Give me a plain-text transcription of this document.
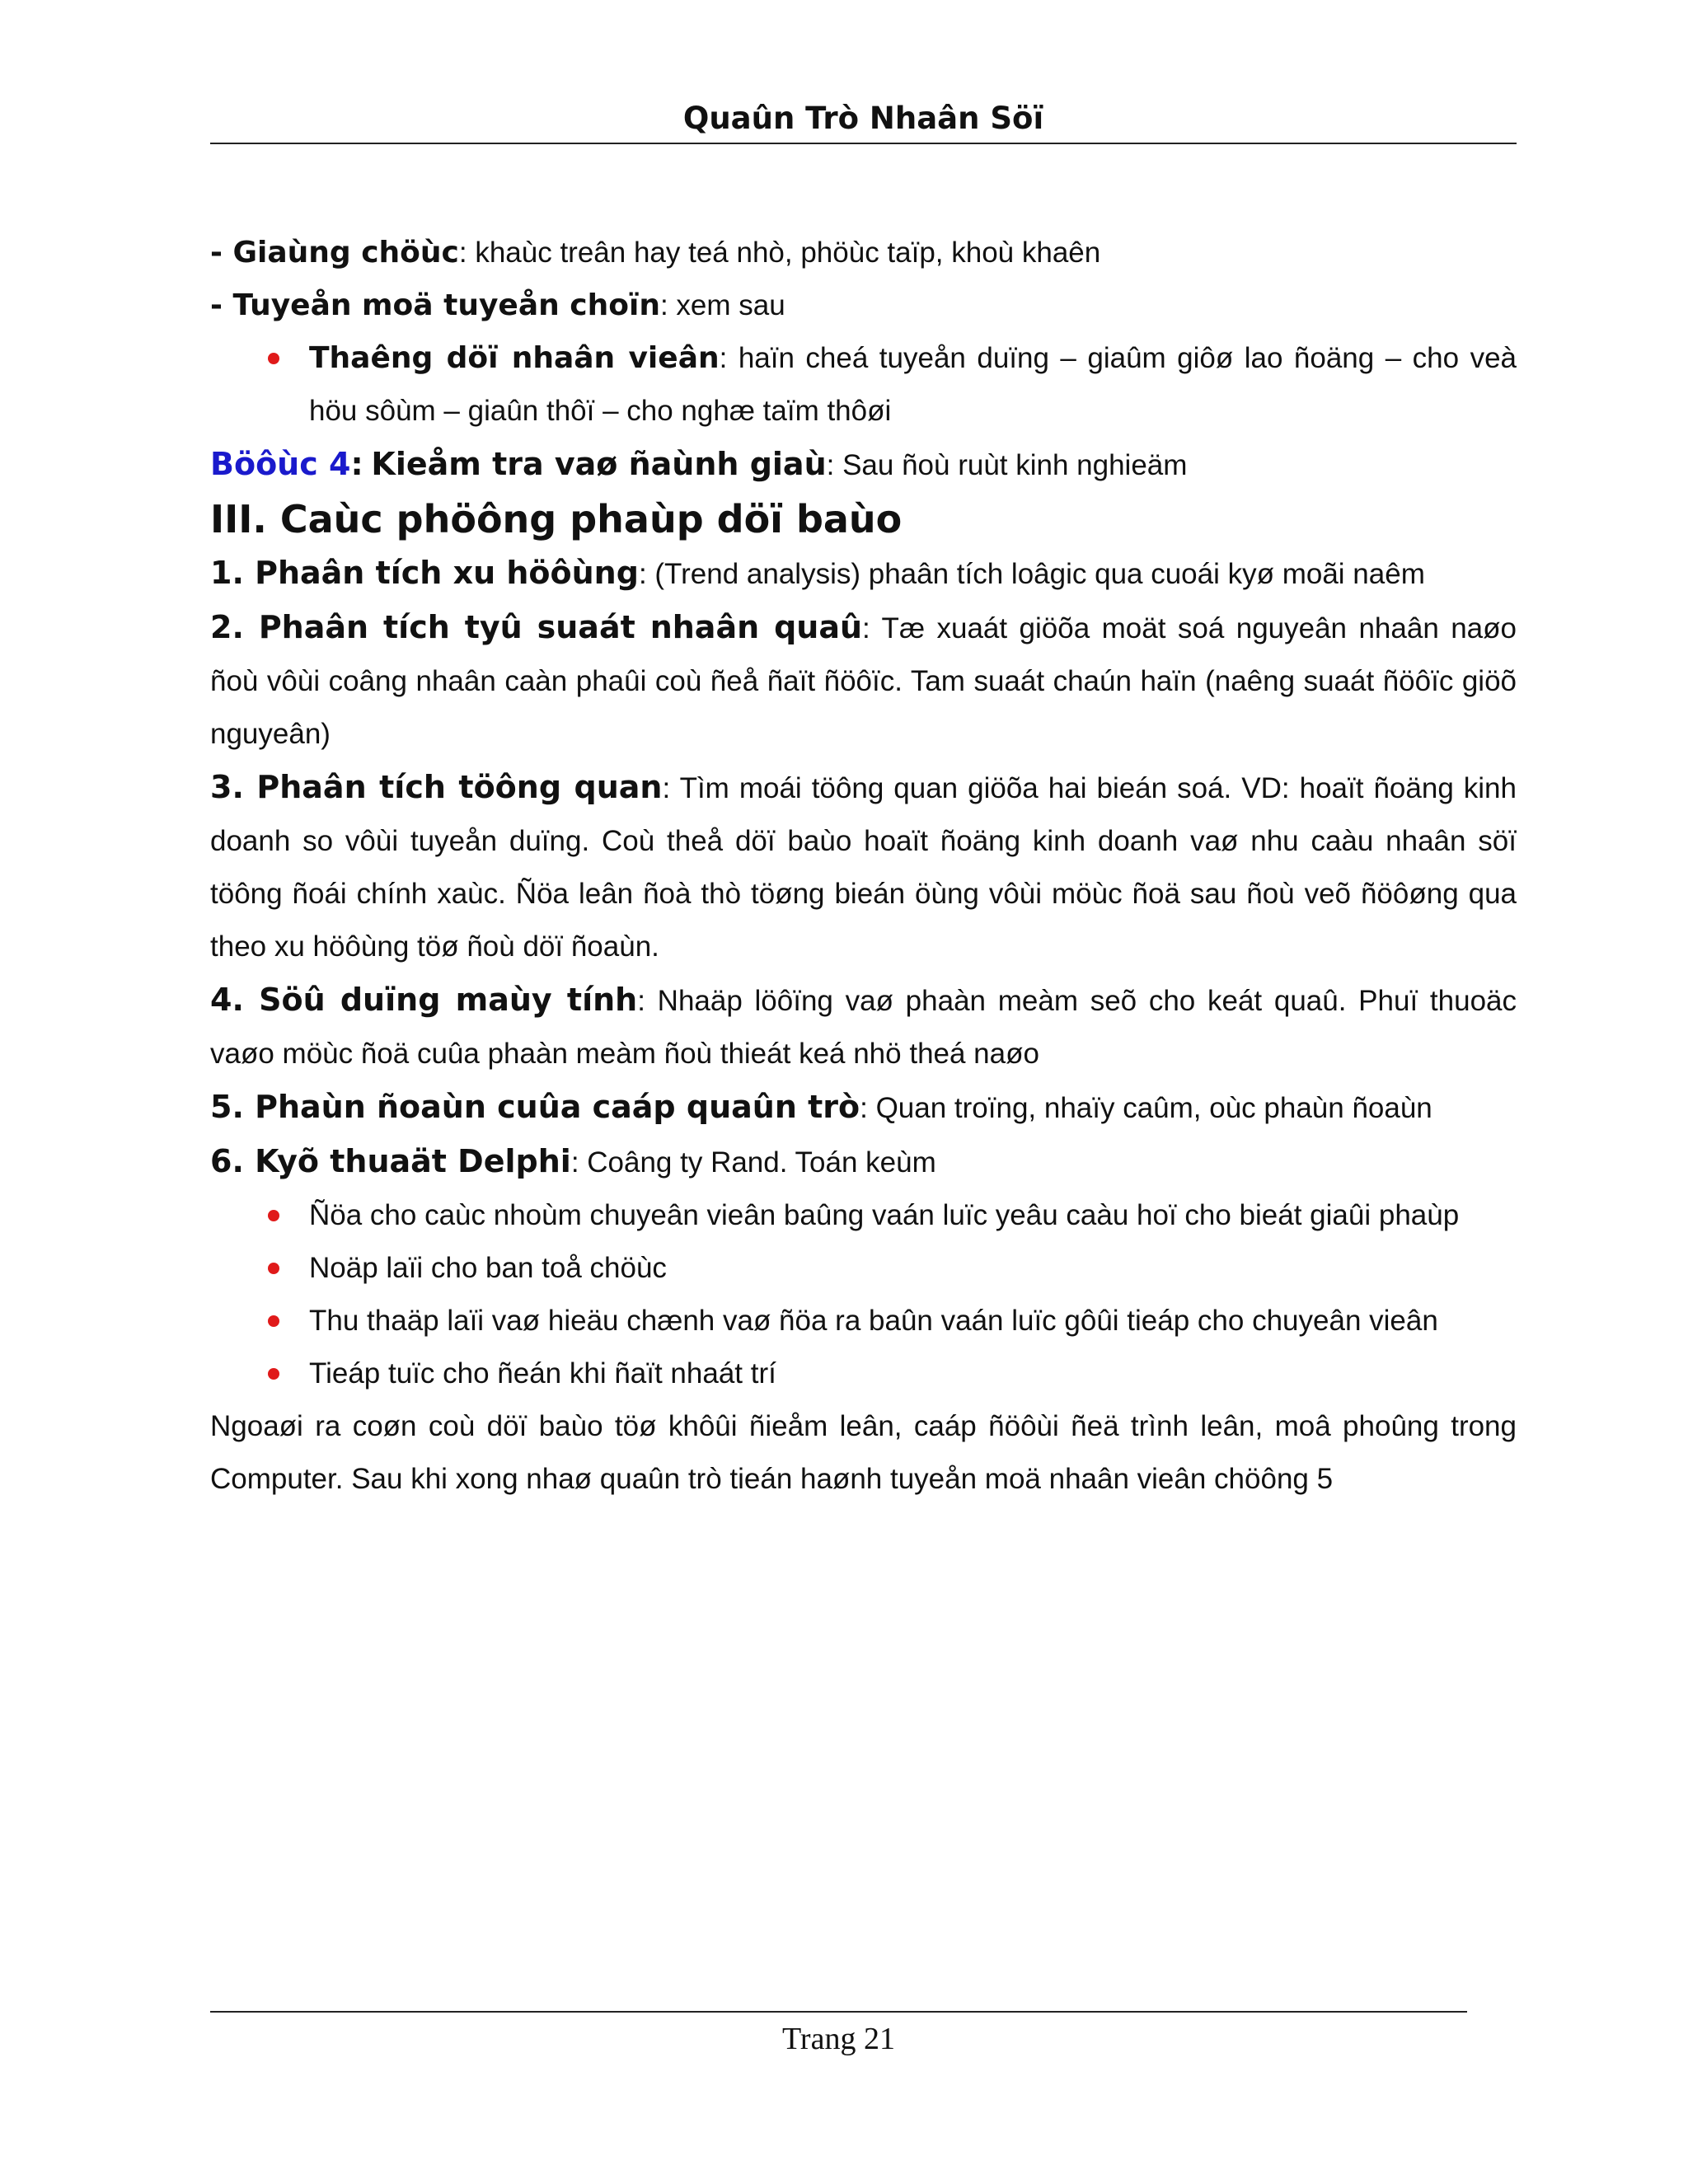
Quaûn Trò Nhaân Söï

- Giaùng chöùc: khaùc treân hay teá nhò, phöùc taïp, khoù khaên

- Tuyeån moä tuyeån choïn: xem sau

Thaêng döï nhaân vieân: haïn cheá tuyeån duïng – giaûm giôø lao ñoäng – cho veà höu sôùm – giaûn thôï – cho nghæ taïm thôøi

Böôùc 4: Kieåm tra vaø ñaùnh giaù: Sau ñoù ruùt kinh nghieäm

III. Caùc phöông phaùp döï baùo

1. Phaân tích xu höôùng: (Trend analysis) phaân tích loâgic qua cuoái kyø moãi naêm

2. Phaân tích tyû suaát nhaân quaû: Tæ xuaát giöõa moät soá nguyeân nhaân naøo ñoù vôùi coâng nhaân caàn phaûi coù ñeå ñaït ñöôïc. Tam suaát chaún haïn (naêng suaát ñöôïc giöõ nguyeân)

3. Phaân tích töông quan: Tìm moái töông quan giöõa hai bieán soá. VD: hoaït ñoäng kinh doanh so vôùi tuyeån duïng. Coù theå döï baùo hoaït ñoäng kinh doanh vaø nhu caàu nhaân söï töông ñoái chính xaùc. Ñöa leân ñoà thò töøng bieán öùng vôùi möùc ñoä sau ñoù veõ ñöôøng qua theo xu höôùng töø ñoù döï ñoaùn.

4. Söû duïng maùy tính: Nhaäp löôïng vaø phaàn meàm seõ cho keát quaû. Phuï thuoäc vaøo möùc ñoä cuûa phaàn meàm ñoù thieát keá nhö theá naøo

5. Phaùn ñoaùn cuûa caáp quaûn trò: Quan troïng, nhaïy caûm, oùc phaùn ñoaùn

6. Kyõ thuaät Delphi: Coâng ty Rand. Toán keùm

Ñöa cho caùc nhoùm chuyeân vieân baûng vaán luïc yeâu caàu hoï cho bieát giaûi phaùp
Noäp laïi cho ban toå chöùc
Thu thaäp laïi vaø hieäu chænh vaø ñöa ra baûn vaán luïc gôûi tieáp cho chuyeân vieân
Tieáp tuïc cho ñeán khi ñaït nhaát trí

Ngoaøi ra coøn coù döï baùo töø khôûi ñieåm leân, caáp ñöôùi ñeä trình leân, moâ phoûng trong Computer. Sau khi xong nhaø quaûn trò tieán haønh tuyeån moä nhaân vieân chöông 5

Trang 21
